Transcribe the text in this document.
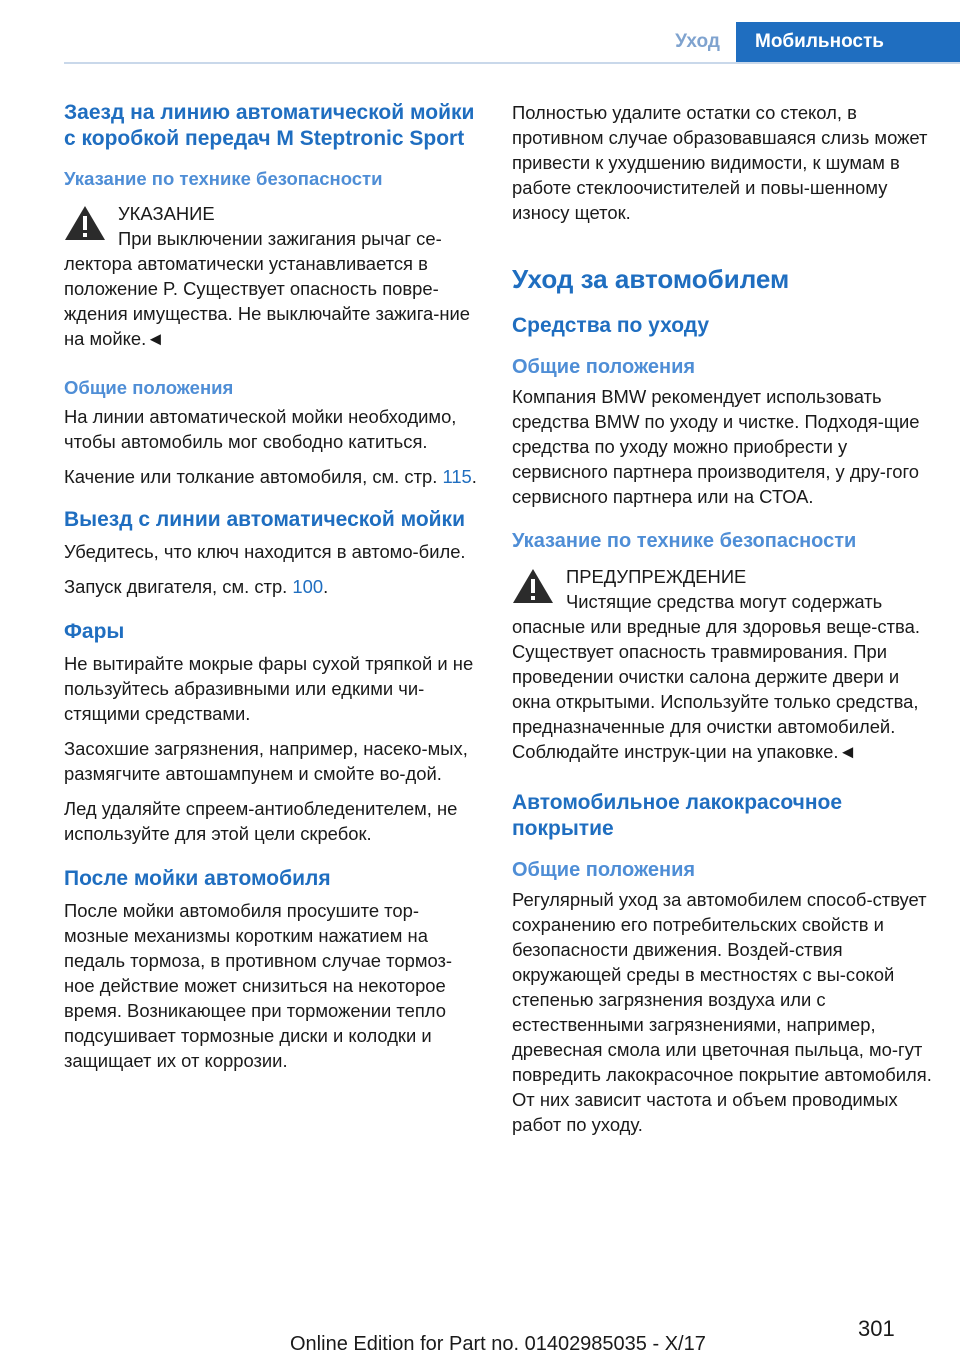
Уход	Мобильность
Заезд на линию автоматической мойки с коробкой передач M Steptronic Sport
Указание по технике безопасности
УКАЗАНИЕ
При выключении зажигания рычаг се-
лектора автоматически устанавливается в положение P. Существует опасность повре-ждения имущества. Не выключайте зажига-ние на мойке.◄
Общие положения
На линии автоматической мойки необходимо, чтобы автомобиль мог свободно катиться.
Качение или толкание автомобиля, см. стр. 115.
Выезд с линии автоматической мойки
Убедитесь, что ключ находится в автомо-биле.
Запуск двигателя, см. стр. 100.
Фары
Не вытирайте мокрые фары сухой тряпкой и не пользуйтесь абразивными или едкими чи-стящими средствами.
Засохшие загрязнения, например, насеко-мых, размягчите автошампунем и смойте во-дой.
Лед удаляйте спреем-антиобледенителем, не используйте для этой цели скребок.
После мойки автомобиля
После мойки автомобиля просушите тор-мозные механизмы коротким нажатием на педаль тормоза, в противном случае тормоз-ное действие может снизиться на некоторое время. Возникающее при торможении тепло подсушивает тормозные диски и колодки и защищает их от коррозии.
Полностью удалите остатки со стекол, в противном случае образовавшаяся слизь может привести к ухудшению видимости, к шумам в работе стеклоочистителей и повы-шенному износу щеток.
Уход за автомобилем
Средства по уходу
Общие положения
Компания BMW рекомендует использовать средства BMW по уходу и чистке. Подходя-щие средства по уходу можно приобрести у сервисного партнера производителя, у дру-гого сервисного партнера или на СТОА.
Указание по технике безопасности
ПРЕДУПРЕЖДЕНИЕ
Чистящие средства могут содержать
опасные или вредные для здоровья веще-ства. Существует опасность травмирования. При проведении очистки салона держите двери и окна открытыми. Используйте только средства, предназначенные для очистки автомобилей. Соблюдайте инструк-ции на упаковке.◄
Автомобильное лакокрасочное покрытие
Общие положения
Регулярный уход за автомобилем способ-ствует сохранению его потребительских свойств и безопасности движения. Воздей-ствия окружающей среды в местностях с вы-сокой степенью загрязнения воздуха или с естественными загрязнениями, например, древесная смола или цветочная пыльца, мо-гут повредить лакокрасочное покрытие автомобиля. От них зависит частота и объем проводимых работ по уходу.
301
Online Edition for Part no. 01402985035 - X/17
